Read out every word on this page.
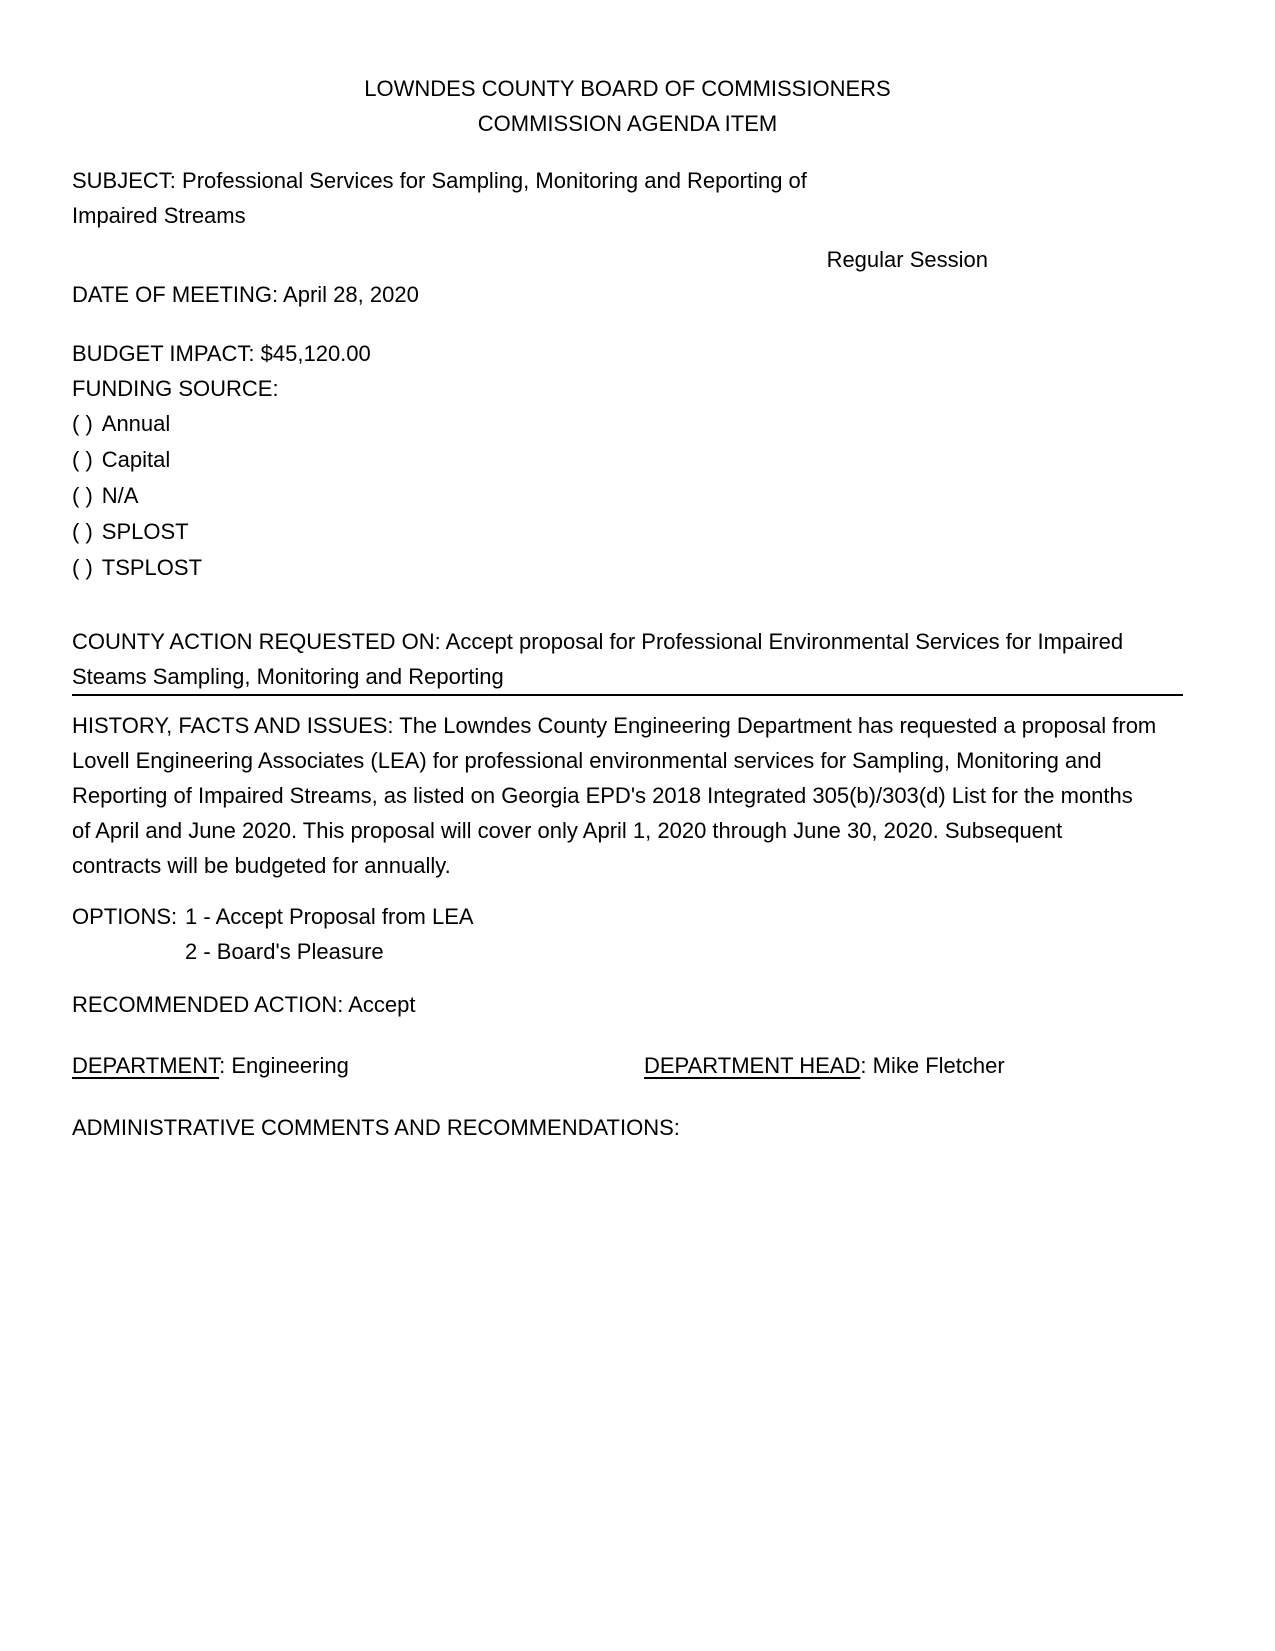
LOWNDES COUNTY BOARD OF COMMISSIONERS
COMMISSION AGENDA ITEM
SUBJECT: Professional Services for Sampling, Monitoring and Reporting of
Impaired Streams
Regular Session
DATE OF MEETING: April 28, 2020
BUDGET IMPACT: $45,120.00
FUNDING SOURCE:
( ) Annual
( ) Capital
( ) N/A
( ) SPLOST
( ) TSPLOST
COUNTY ACTION REQUESTED ON: Accept proposal for Professional Environmental Services for Impaired
Steams Sampling, Monitoring and Reporting
HISTORY, FACTS AND ISSUES: The Lowndes County Engineering Department has requested a proposal from
Lovell Engineering Associates (LEA) for professional environmental services for Sampling, Monitoring and
Reporting of Impaired Streams, as listed on Georgia EPD's 2018 Integrated 305(b)/303(d) List for the months
of April and June 2020. This proposal will cover only April 1, 2020 through June 30, 2020. Subsequent
contracts will be budgeted for annually.
OPTIONS: 1 - Accept Proposal from LEA
2 - Board's Pleasure
RECOMMENDED ACTION: Accept
DEPARTMENT: Engineering	DEPARTMENT HEAD: Mike Fletcher
ADMINISTRATIVE COMMENTS AND RECOMMENDATIONS:
